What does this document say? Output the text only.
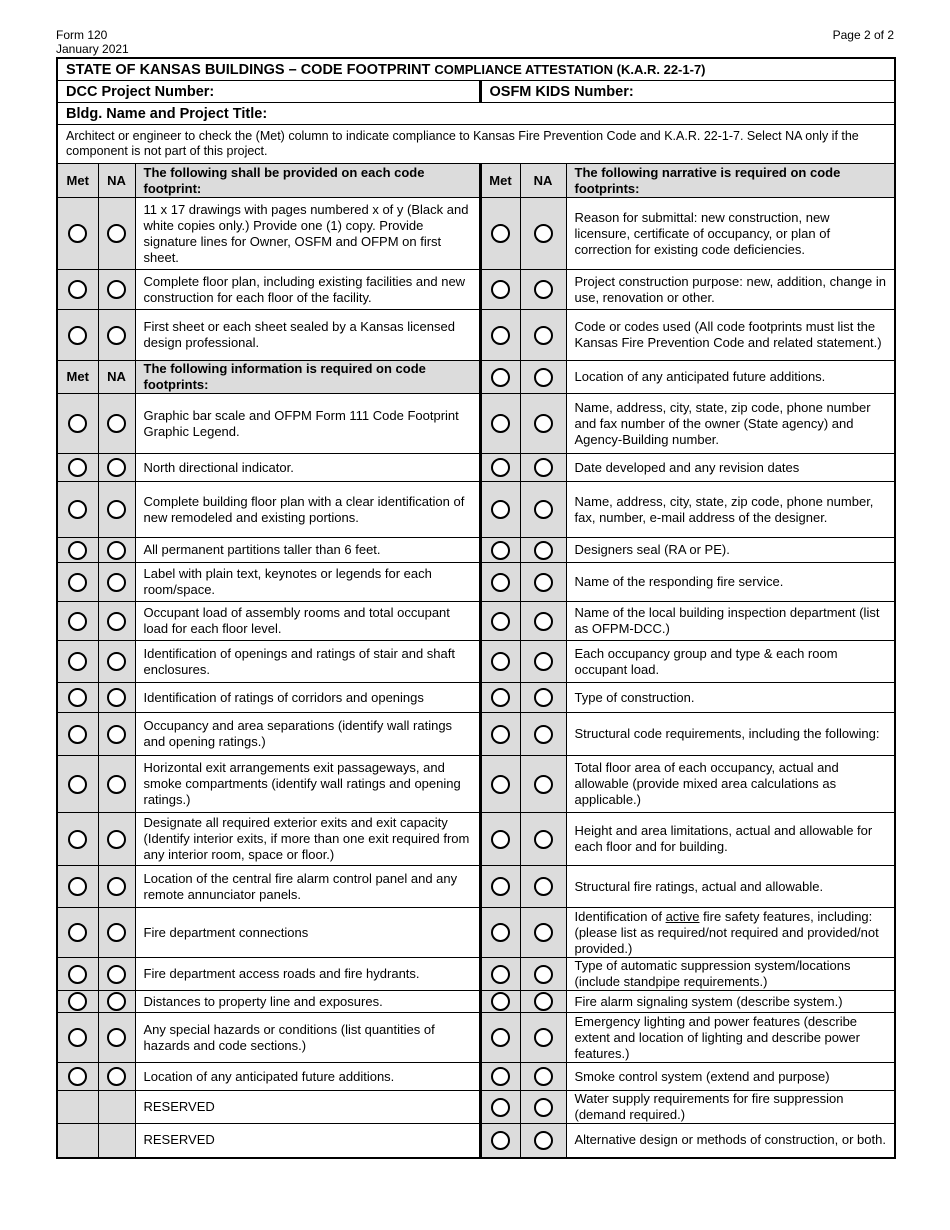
Form 120
January 2021
Page 2 of 2
STATE OF KANSAS BUILDINGS – CODE FOOTPRINT COMPLIANCE ATTESTATION (K.A.R. 22-1-7)					
DCC Project Number:			OSFM KIDS Number:		
Bldg. Name and Project Title:					
Architect or engineer to check the (Met) column to indicate compliance to Kansas Fire Prevention Code and K.A.R. 22-1-7. Select NA only if the component is not part of this project.					
Met	NA	The following shall be provided on each code footprint:	Met	NA	The following narrative is required on code footprints:
		11 x 17 drawings with pages numbered x of y (Black and white copies only.) Provide one (1) copy. Provide signature lines for Owner, OSFM and OFPM on first sheet.			Reason for submittal: new construction, new licensure, certificate of occupancy, or plan of correction for existing code deficiencies.
		Complete floor plan, including existing facilities and new construction for each floor of the facility.			Project construction purpose: new, addition, change in use, renovation or other.
		First sheet or each sheet sealed by a Kansas licensed design professional.			Code or codes used (All code footprints must list the Kansas Fire Prevention Code and related statement.)
Met	NA	The following information is required on code footprints:			Location of any anticipated future additions.
		Graphic bar scale and OFPM Form 111 Code Footprint Graphic Legend.			Name, address, city, state, zip code, phone number and fax number of the owner (State agency) and Agency-Building number.
		North directional indicator.			Date developed and any revision dates
		Complete building floor plan with a clear identification of new remodeled and existing portions.			Name, address, city, state, zip code, phone number, fax, number, e-mail address of the designer.
		All permanent partitions taller than 6 feet.			Designers seal (RA or PE).
		Label with plain text, keynotes or legends for each room/space.			Name of the responding fire service.
		Occupant load of assembly rooms and total occupant load for each floor level.			Name of the local building inspection department (list as OFPM-DCC.)
		Identification of openings and ratings of stair and shaft enclosures.			Each occupancy group and type & each room occupant load.
		Identification of ratings of corridors and openings			Type of construction.
		Occupancy and area separations (identify wall ratings and opening ratings.)			Structural code requirements, including the following:
		Horizontal exit arrangements exit passageways, and smoke compartments (identify wall ratings and opening ratings.)			Total floor area of each occupancy, actual and allowable (provide mixed area calculations as applicable.)
		Designate all required exterior exits and exit capacity (Identify interior exits, if more than one exit required from any interior room, space or floor.)			Height and area limitations, actual and allowable for each floor and for building.
		Location of the central fire alarm control panel and any remote annunciator panels.			Structural fire ratings, actual and allowable.
		Fire department connections			Identification of active fire safety features, including: (please list as required/not required and provided/not provided.)
		Fire department access roads and fire hydrants.			Type of automatic suppression system/locations (include standpipe requirements.)
		Distances to property line and exposures.			Fire alarm signaling system (describe system.)
		Any special hazards or conditions (list quantities of hazards and code sections.)			Emergency lighting and power features (describe extent and location of lighting and describe power features.)
		Location of any anticipated future additions.			Smoke control system (extend and purpose)
		RESERVED			Water supply requirements for fire suppression (demand required.)
		RESERVED			Alternative design or methods of construction, or both.
